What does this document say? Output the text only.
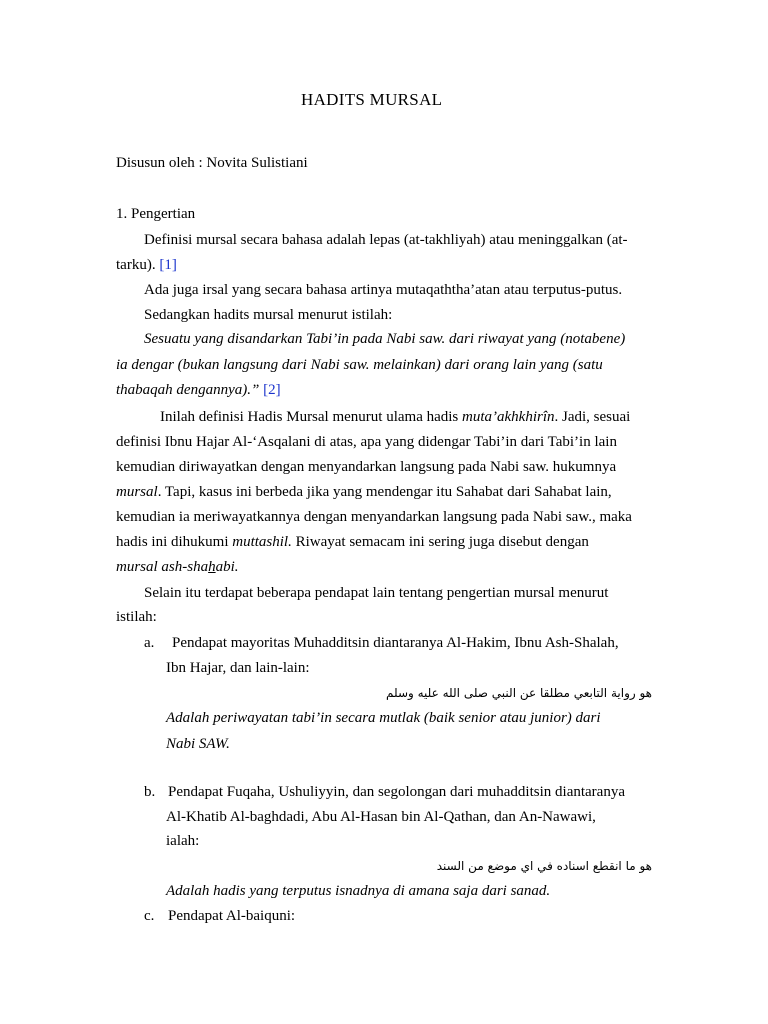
HADITS MURSAL
Disusun oleh : Novita Sulistiani
1. Pengertian
Definisi mursal secara bahasa adalah lepas (at-takhliyah) atau meninggalkan (at-
tarku). [1]
Ada juga irsal yang secara bahasa artinya mutaqaththa’atan atau terputus-putus.
Sedangkan hadits mursal menurut istilah:
Sesuatu yang disandarkan Tabi’in pada Nabi saw. dari riwayat yang (notabene)
ia dengar (bukan langsung dari Nabi saw. melainkan) dari orang lain yang (satu
thabaqah dengannya).” [2]
Inilah definisi Hadis Mursal menurut ulama hadis muta’akhkhirîn. Jadi, sesuai
definisi Ibnu Hajar Al-‘Asqalani di atas, apa yang didengar Tabi’in dari Tabi’in lain
kemudian diriwayatkan dengan menyandarkan langsung pada Nabi saw. hukumnya
mursal. Tapi, kasus ini berbeda jika yang mendengar itu Sahabat dari Sahabat lain,
kemudian ia meriwayatkannya dengan menyandarkan langsung pada Nabi saw., maka
hadis ini dihukumi muttashil. Riwayat semacam ini sering juga disebut dengan
mursal ash-shahabi.
Selain itu terdapat beberapa pendapat lain tentang pengertian mursal menurut
istilah:
a. Pendapat mayoritas Muhadditsin diantaranya Al-Hakim, Ibnu Ash-Shalah,
Ibn Hajar, dan lain-lain:
هو رواية التابعي مطلقا عن النبي صلى الله عليه وسلم
Adalah periwayatan tabi’in secara mutlak (baik senior atau junior) dari
Nabi SAW.
b. Pendapat Fuqaha, Ushuliyyin, dan segolongan dari muhadditsin diantaranya
Al-Khatib Al-baghdadi, Abu Al-Hasan bin Al-Qathan, dan An-Nawawi,
ialah:
هو ما انقطع اسناده في اي موضع من السند
Adalah hadis yang terputus isnadnya di amana saja dari sanad.
c. Pendapat Al-baiquni:
